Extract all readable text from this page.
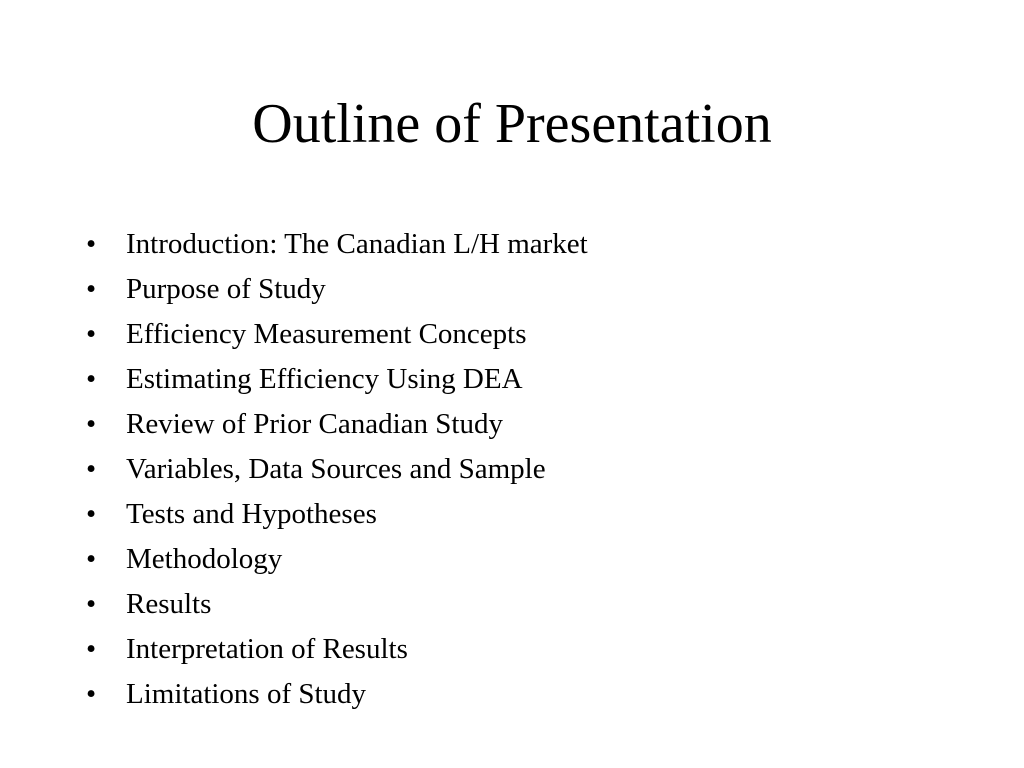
Outline of Presentation
•	Introduction: The Canadian L/H market
•	Purpose of Study
•	Efficiency Measurement Concepts
•	Estimating Efficiency Using DEA
•	Review of Prior Canadian Study
•	Variables, Data Sources and Sample
•	Tests and Hypotheses
•	Methodology
•	Results
•	Interpretation of Results
•	Limitations of Study
